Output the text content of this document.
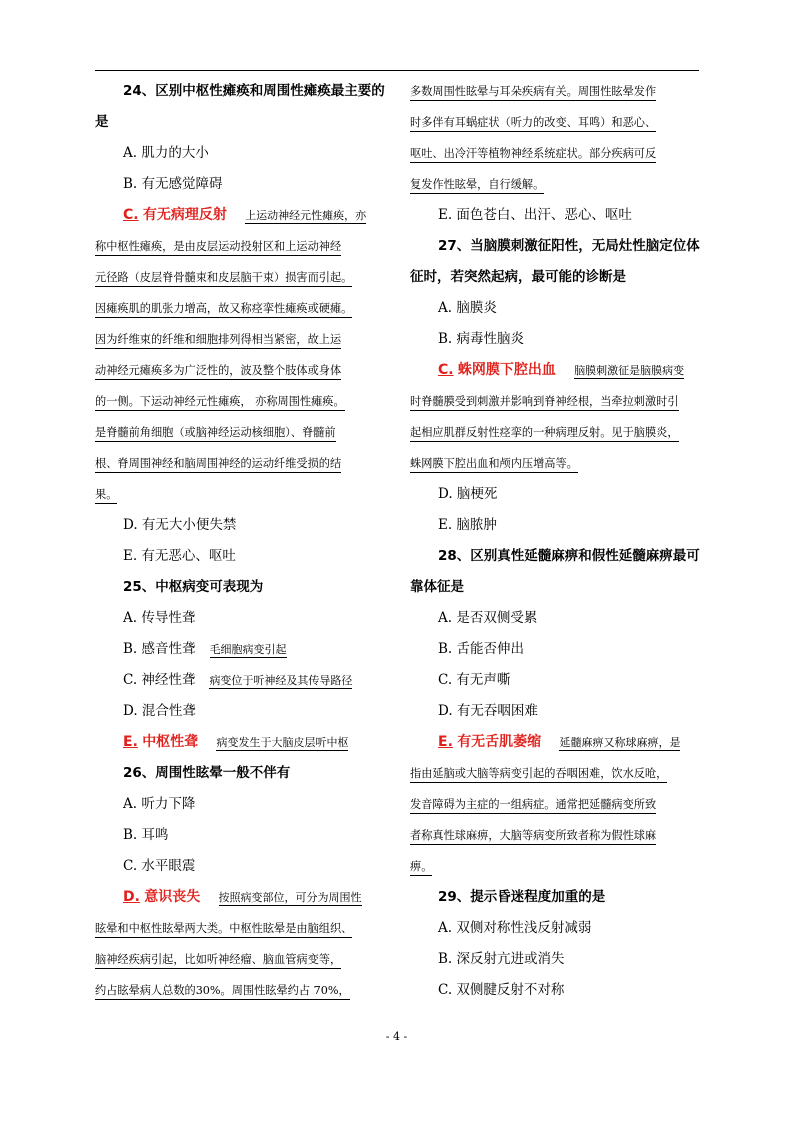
24、区别中枢性瘫痪和周围性瘫痪最主要的
是
A. 肌力的大小
B. 有无感觉障碍
C. 有无病理反射 上运动神经元性瘫痪，亦
称中枢性瘫痪，是由皮层运动投射区和上运动神经
元径路（皮层脊骨髓束和皮层脑干束）损害而引起。
因瘫痪肌的肌张力增高，故又称痉挛性瘫痪或硬瘫。
因为纤维束的纤维和细胞排列得相当紧密，故上运
动神经元瘫痪多为广泛性的，波及整个肢体或身体
的一侧。下运动神经元性瘫痪， 亦称周围性瘫痪。
是脊髓前角细胞（或脑神经运动核细胞）、脊髓前
根、脊周围神经和脑周围神经的运动纤维受损的结
果。
D. 有无大小便失禁
E. 有无恶心、呕吐
25、中枢病变可表现为
A. 传导性聋
B. 感音性聋 毛细胞病变引起
C. 神经性聋 病变位于听神经及其传导路径
D. 混合性聋
E. 中枢性聋 病变发生于大脑皮层听中枢
26、周围性眩晕一般不伴有
A. 听力下降
B. 耳鸣
C. 水平眼震
D. 意识丧失 按照病变部位，可分为周围性
眩晕和中枢性眩晕两大类。中枢性眩晕是由脑组织、
脑神经疾病引起，比如听神经瘤、脑血管病变等，
约占眩晕病人总数的30%。周围性眩晕约占 70%，
多数周围性眩晕与耳朵疾病有关。周围性眩晕发作
时多伴有耳蜗症状（听力的改变、耳鸣）和恶心、
呕吐、出冷汗等植物神经系统症状。部分疾病可反
复发作性眩晕，自行缓解。
E. 面色苍白、出汗、恶心、呕吐
27、当脑膜刺激征阳性，无局灶性脑定位体
征时，若突然起病，最可能的诊断是
A. 脑膜炎
B. 病毒性脑炎
C. 蛛网膜下腔出血 脑膜刺激征是脑膜病变
时脊髓膜受到刺激并影响到脊神经根，当牵拉刺激时引
起相应肌群反射性痉挛的一种病理反射。见于脑膜炎，
蛛网膜下腔出血和颅内压增高等。
D. 脑梗死
E. 脑脓肿
28、区别真性延髓麻痹和假性延髓麻痹最可
靠体征是
A. 是否双侧受累
B. 舌能否伸出
C. 有无声嘶
D. 有无吞咽困难
E. 有无舌肌萎缩 延髓麻痹又称球麻痹，是
指由延脑或大脑等病变引起的吞咽困难，饮水反呛，
发音障碍为主症的一组病症。通常把延髓病变所致
者称真性球麻痹，大脑等病变所致者称为假性球麻
痹。
29、提示昏迷程度加重的是
A. 双侧对称性浅反射减弱
B. 深反射亢进或消失
C. 双侧腱反射不对称
- 4 -
